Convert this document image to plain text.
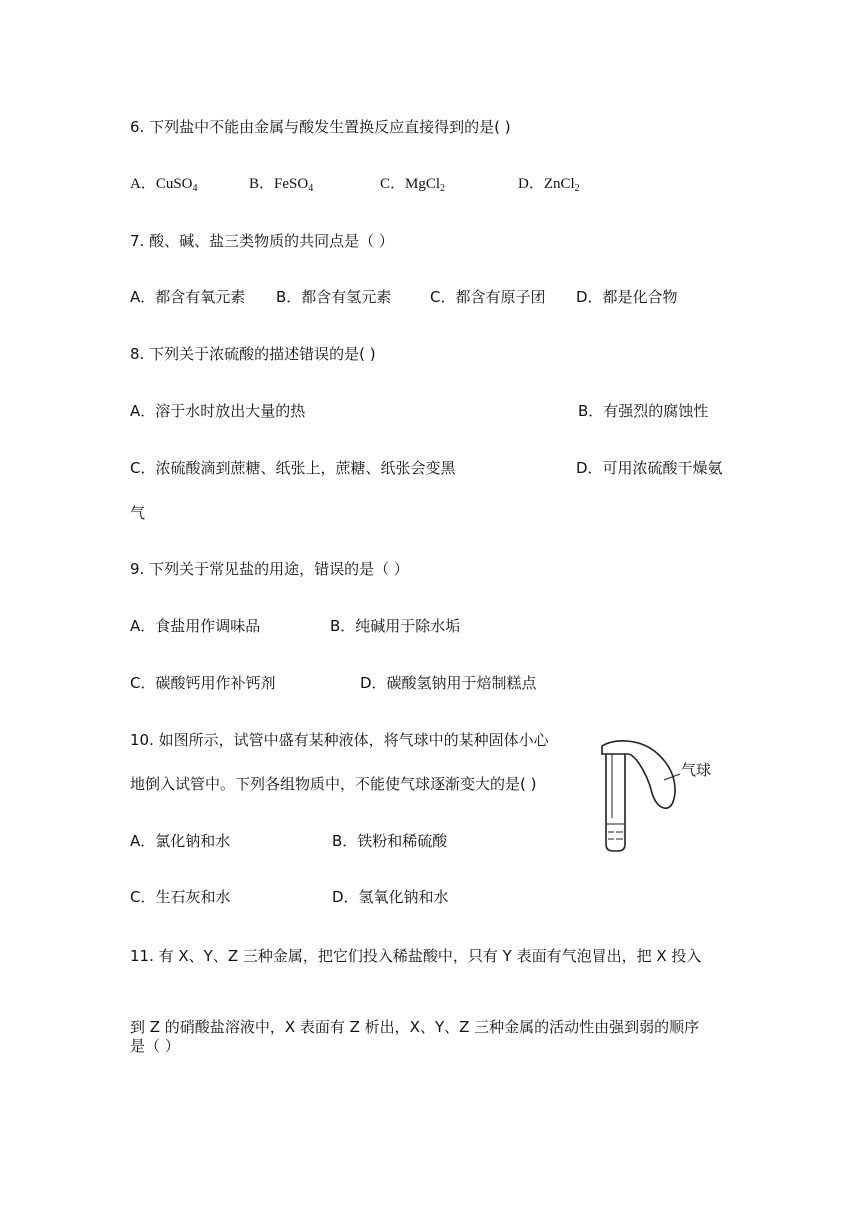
6. 下列盐中不能由金属与酸发生置换反应直接得到的是( )
A．CuSO$_4$	B．FeSO$_4$	C．MgCl$_2$	D．ZnCl$_2$
7. 酸、碱、盐三类物质的共同点是（ ）
A．都含有氧元素 B．都含有氢元素	C．都含有原子团 D．都是化合物
8. 下列关于浓硫酸的描述错误的是( )
A．溶于水时放出大量的热	B．有强烈的腐蚀性
C．浓硫酸滴到蔗糖、纸张上，蔗糖、纸张会变黑	D．可用浓硫酸干燥氨
气
9. 下列关于常见盐的用途，错误的是（ ）
A．食盐用作调味品	B．纯碱用于除水垢
C．碳酸钙用作补钙剂	D．碳酸氢钠用于焙制糕点
10. 如图所示，试管中盛有某种液体，将气球中的某种固体小心
地倒入试管中。下列各组物质中，不能使气球逐渐变大的是( )
A．氯化钠和水	B．铁粉和稀硫酸
C．生石灰和水	D．氢氧化钠和水
气球
11. 有 X、Y、Z 三种金属，把它们投入稀盐酸中，只有 Y 表面有气泡冒出，把 X 投入
到 Z 的硝酸盐溶液中，X 表面有 Z 析出，X、Y、Z 三种金属的活动性由强到弱的顺序
是（ ）
